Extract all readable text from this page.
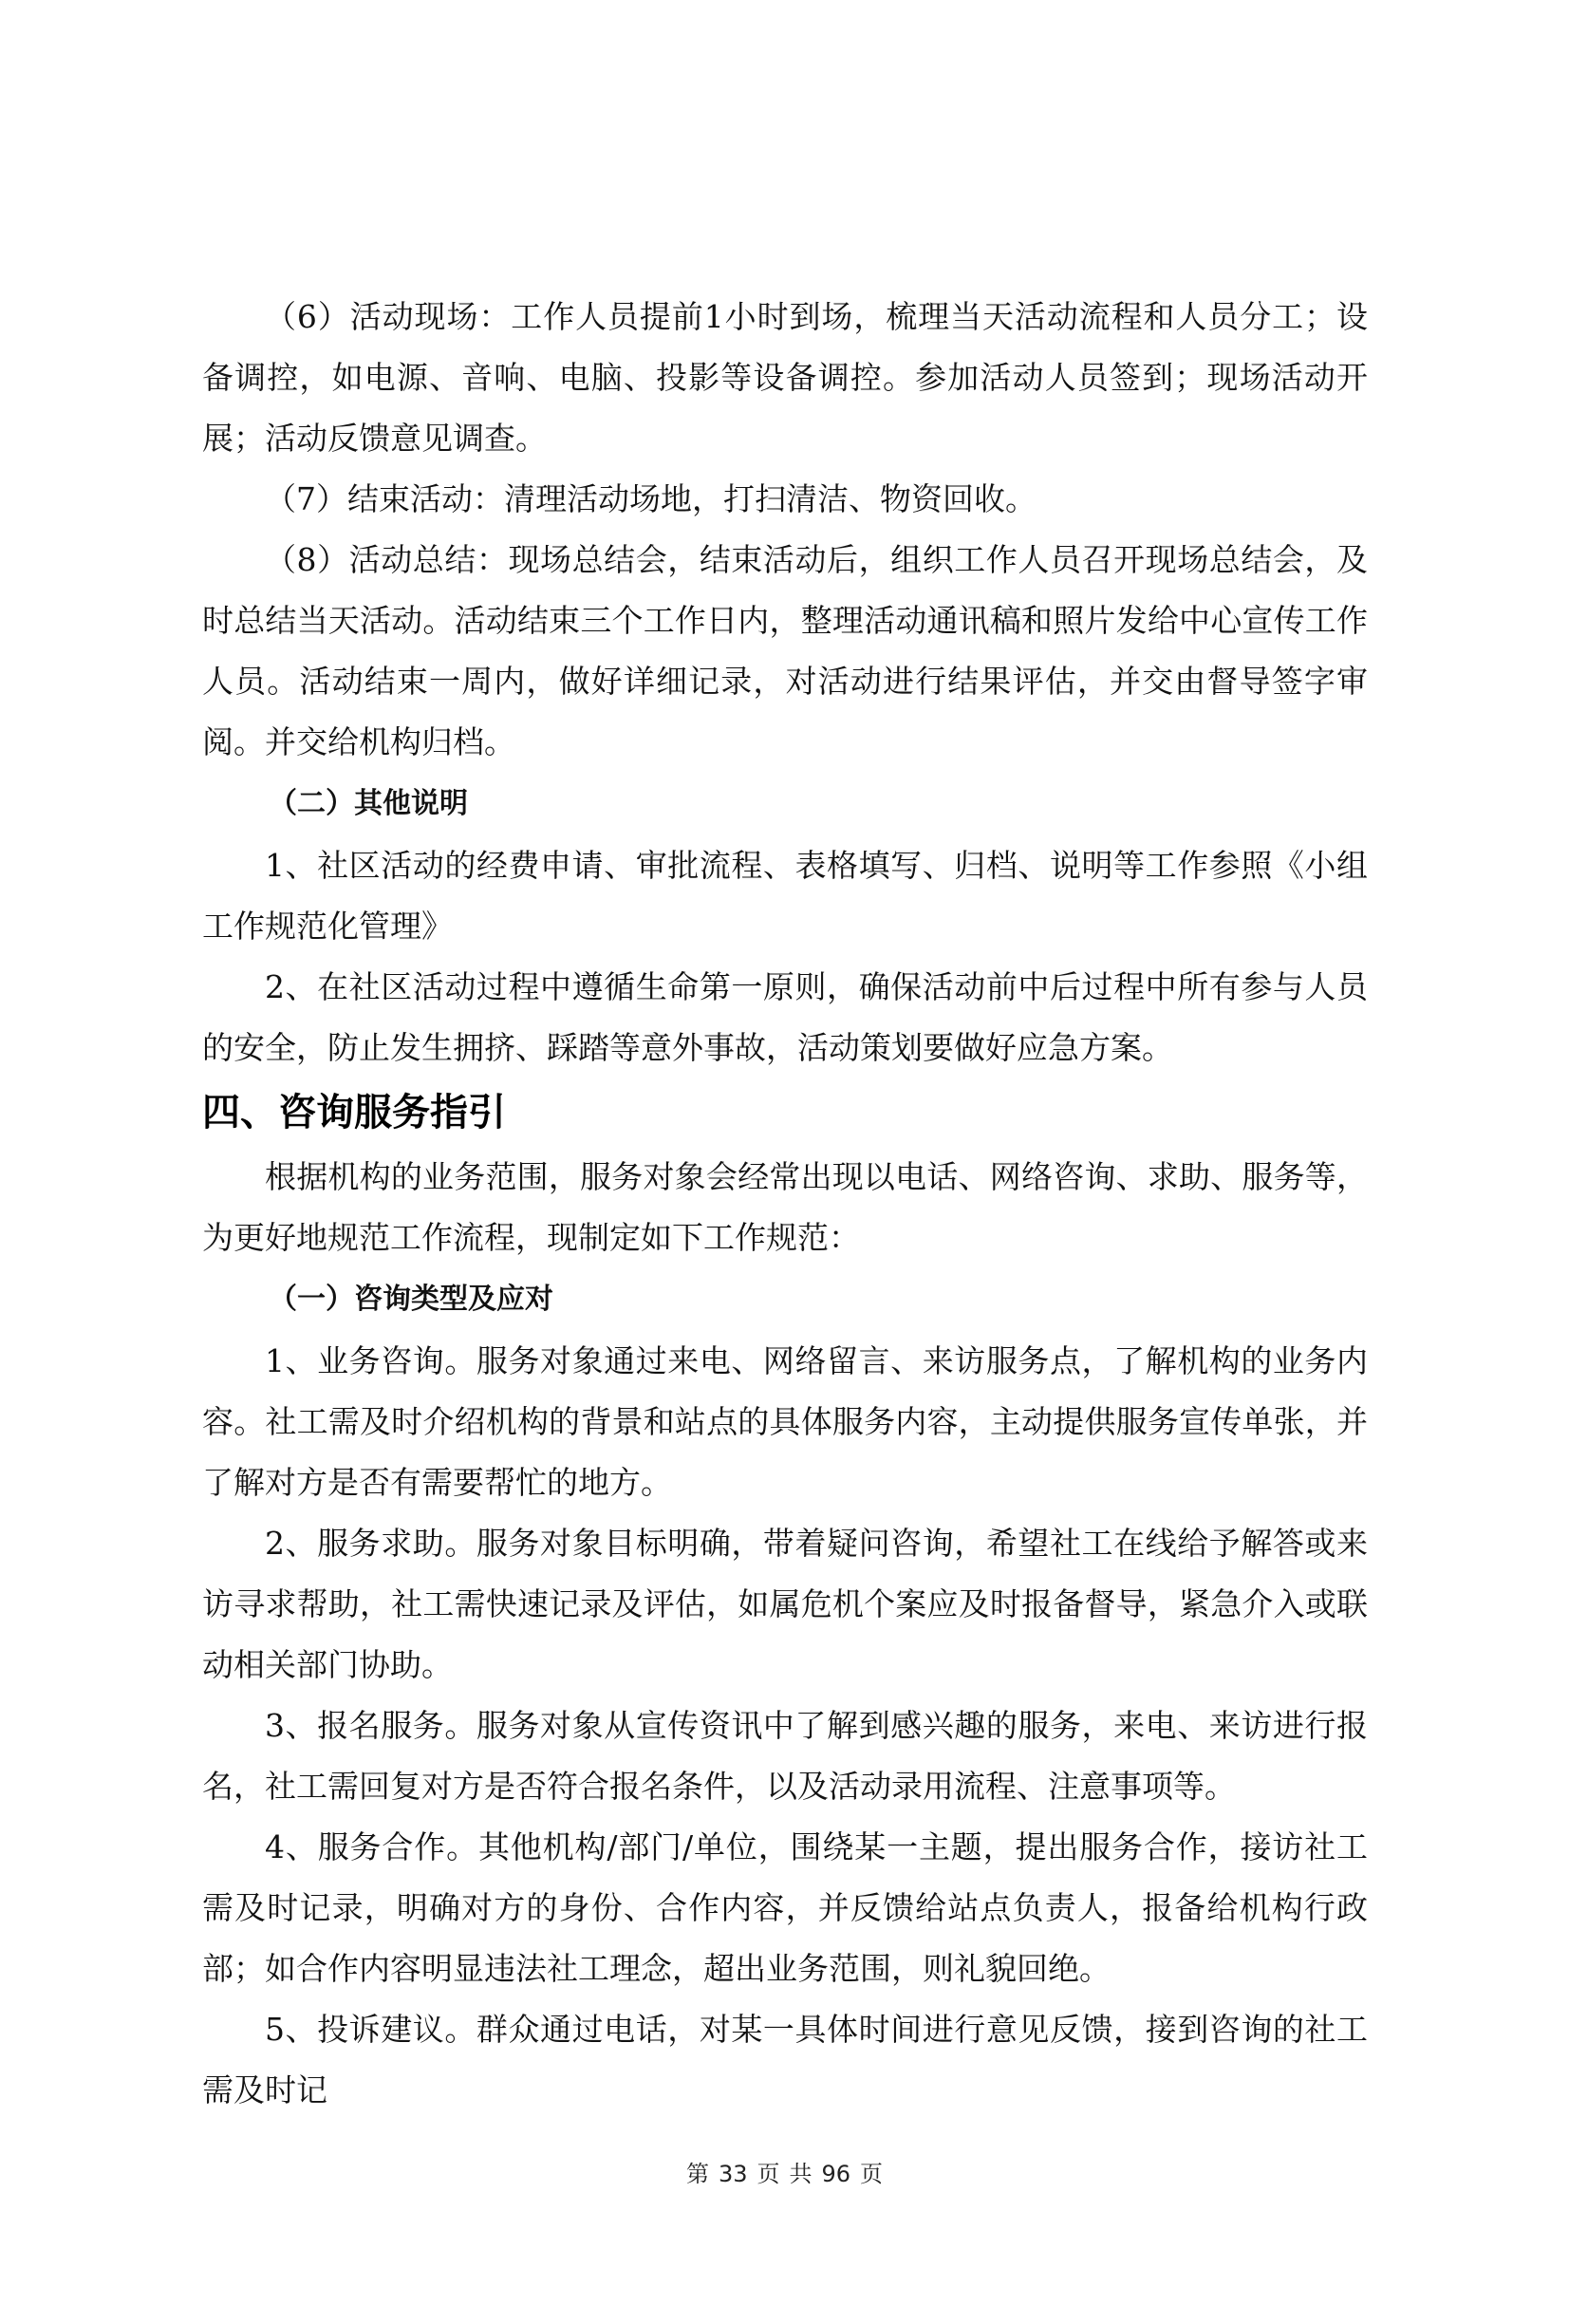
（6）活动现场：工作人员提前1小时到场，梳理当天活动流程和人员分工；设备调控，如电源、音响、电脑、投影等设备调控。参加活动人员签到；现场活动开展；活动反馈意见调查。

（7）结束活动：清理活动场地，打扫清洁、物资回收。

（8）活动总结：现场总结会，结束活动后，组织工作人员召开现场总结会，及时总结当天活动。活动结束三个工作日内，整理活动通讯稿和照片发给中心宣传工作人员。活动结束一周内，做好详细记录，对活动进行结果评估，并交由督导签字审阅。并交给机构归档。

（二）其他说明

1、社区活动的经费申请、审批流程、表格填写、归档、说明等工作参照《小组工作规范化管理》

2、在社区活动过程中遵循生命第一原则，确保活动前中后过程中所有参与人员的安全，防止发生拥挤、踩踏等意外事故，活动策划要做好应急方案。

四、咨询服务指引

根据机构的业务范围，服务对象会经常出现以电话、网络咨询、求助、服务等，为更好地规范工作流程，现制定如下工作规范：

（一）咨询类型及应对

1、业务咨询。服务对象通过来电、网络留言、来访服务点，了解机构的业务内容。社工需及时介绍机构的背景和站点的具体服务内容，主动提供服务宣传单张，并了解对方是否有需要帮忙的地方。

2、服务求助。服务对象目标明确，带着疑问咨询，希望社工在线给予解答或来访寻求帮助，社工需快速记录及评估，如属危机个案应及时报备督导，紧急介入或联动相关部门协助。

3、报名服务。服务对象从宣传资讯中了解到感兴趣的服务，来电、来访进行报名，社工需回复对方是否符合报名条件，以及活动录用流程、注意事项等。

4、服务合作。其他机构/部门/单位，围绕某一主题，提出服务合作，接访社工需及时记录，明确对方的身份、合作内容，并反馈给站点负责人，报备给机构行政部；如合作内容明显违法社工理念，超出业务范围，则礼貌回绝。

5、投诉建议。群众通过电话，对某一具体时间进行意见反馈，接到咨询的社工需及时记

第 33 页 共 96 页
